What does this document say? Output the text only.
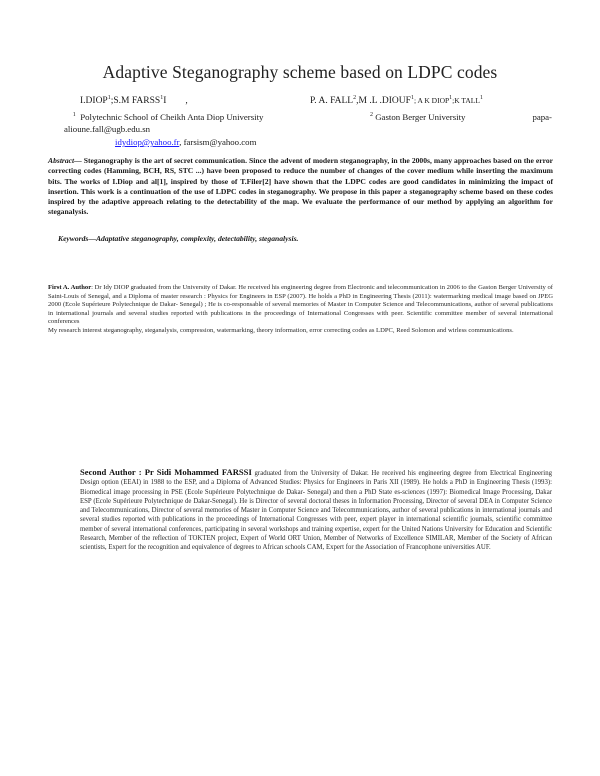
Adaptive Steganography scheme based on LDPC codes
I.DIOP$^1$;S.M FARSS$^1$I ,	P. A. FALL$^2$,M .L .DIOUF$^1$; A K DIOP$^1$;K TALL$^1$
$^1$ Polytechnic School of Cheikh Anta Diop University
alioune.fall@ugb.edu.sn
$^2$ Gaston Berger University	papa-
idydiop@yahoo.fr, farsism@yahoo.com
Abstract— Steganography is the art of secret communication. Since the advent of modern steganography, in the 2000s, many approaches based on the error correcting codes (Hamming, BCH, RS, STC ...) have been proposed to reduce the number of changes of the cover medium while inserting the maximum bits. The works of I.Diop and al[1], inspired by those of T.Filer[2] have shown that the LDPC codes are good candidates in minimizing the impact of insertion. This work is a continuation of the use of LDPC codes in steganography. We propose in this paper a steganography scheme based on these codes inspired by the adaptive approach relating to the detectability of the map. We evaluate the performance of our method by applying an algorithm for steganalysis.
Keywords—Adaptative steganography, complexity, detectability, steganalysis.
First A. Author: Dr Idy DIOP graduated from the University of Dakar. He received his engineering degree from Electronic and telecommunication in 2006 to the Gaston Berger University of Saint-Louis of Senegal, and a Diploma of master research : Physics for Engineers in ESP (2007). He holds a PhD in Engineering Thesis (2011): watermarking medical image based on JPEG 2000 (Ecole Supérieure Polytechnique de Dakar- Senegal) ; He is co-responsable of several memories of Master in Computer Science and Telecommunications, author of several publications in international journals and several studies reported with publications in the proceedings of International Congresses with peer. Scientific committee member of several international conferences
My research interest steganography, steganalysis, compression, watermarking, theory information, error correcting codes as LDPC, Reed Solomon and wirless communications.
Second Author : Pr Sidi Mohammed FARSSI graduated from the University of Dakar. He received his engineering degree from Electrical Engineering Design option (EEAI) in 1988 to the ESP, and a Diploma of Advanced Studies: Physics for Engineers in Paris XII (1989). He holds a PhD in Engineering Thesis (1993): Biomedical image processing in PSE (Ecole Supérieure Polytechnique de Dakar- Senegal) and then a PhD State es-sciences (1997): Biomedical Image Processing, Dakar ESP (Ecole Supérieure Polytechnique de Dakar-Senegal). He is Director of several doctoral theses in Information Processing, Director of several DEA in Computer Science and Telecommunications, Director of several memories of Master in Computer Science and Telecommunications, author of several publications in international journals and several studies reported with publications in the proceedings of International Congresses with peer, expert player in international scientific journals, scientific committee member of several international conferences, participating in several workshops and training expertise, expert for the United Nations University for Education and Scientific Research, Member of the reflection of TOKTEN project, Expert of World ORT Union, Member of Networks of Excellence SIMILAR, Member of the Society of African scientists, Expert for the recognition and equivalence of degrees to African schools CAM, Expert for the Association of Francophone universities AUF.
